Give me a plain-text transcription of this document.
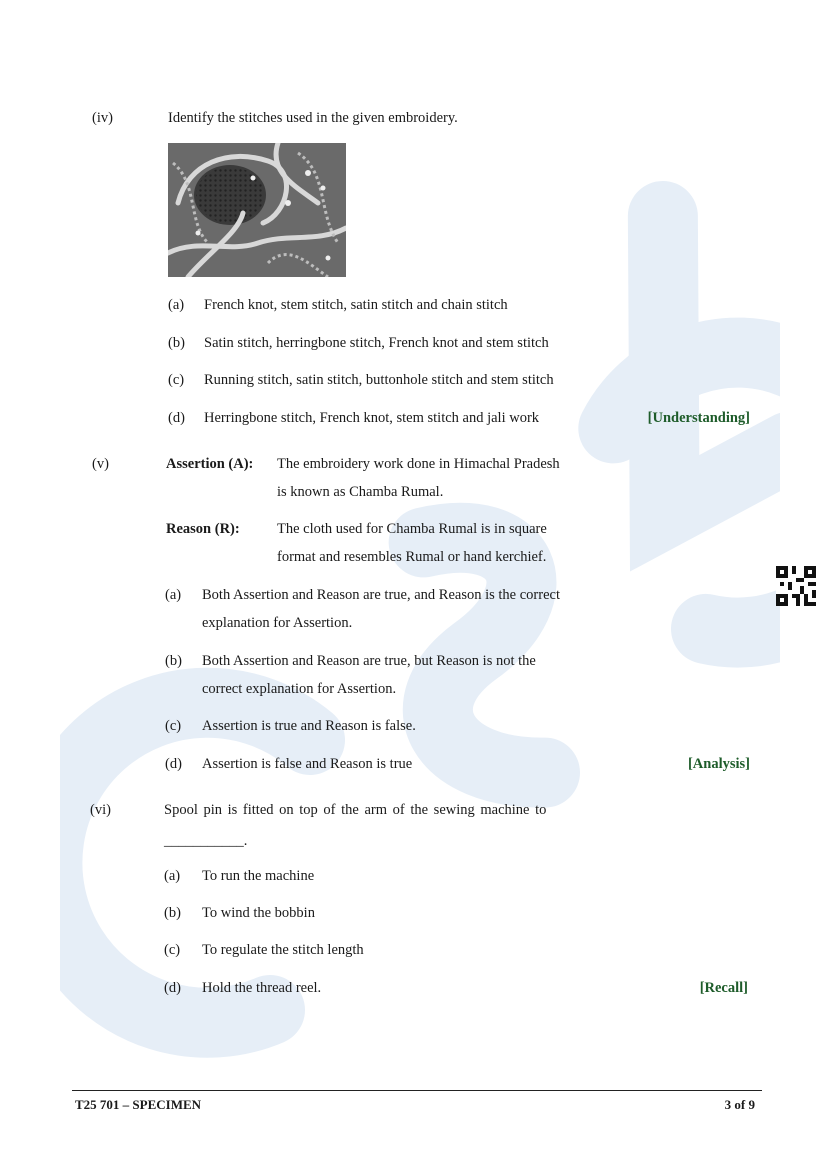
(iv)	Identify the stitches used in the given embroidery.
(a) French knot, stem stitch, satin stitch and chain stitch
(b) Satin stitch, herringbone stitch, French knot and stem stitch
(c) Running stitch, satin stitch, buttonhole stitch and stem stitch
(d) Herringbone stitch, French knot, stem stitch and jali work	[Understanding]
(v)	Assertion (A): The embroidery work done in Himachal Pradesh
is known as Chamba Rumal.
Reason (R):	The cloth used for Chamba Rumal is in square
format and resembles Rumal or hand kerchief.
(a) Both Assertion and Reason are true, and Reason is the correct
explanation for Assertion.
(b) Both Assertion and Reason are true, but Reason is not the
correct explanation for Assertion.
(c) Assertion is true and Reason is false.
(d) Assertion is false and Reason is true	[Analysis]
(vi)	Spool pin is fitted on top of the arm of the sewing machine to
___________.
(a) To run the machine
(b) To wind the bobbin
(c) To regulate the stitch length
(d) Hold the thread reel.	[Recall]
T25 701 – SPECIMEN	3 of 9
